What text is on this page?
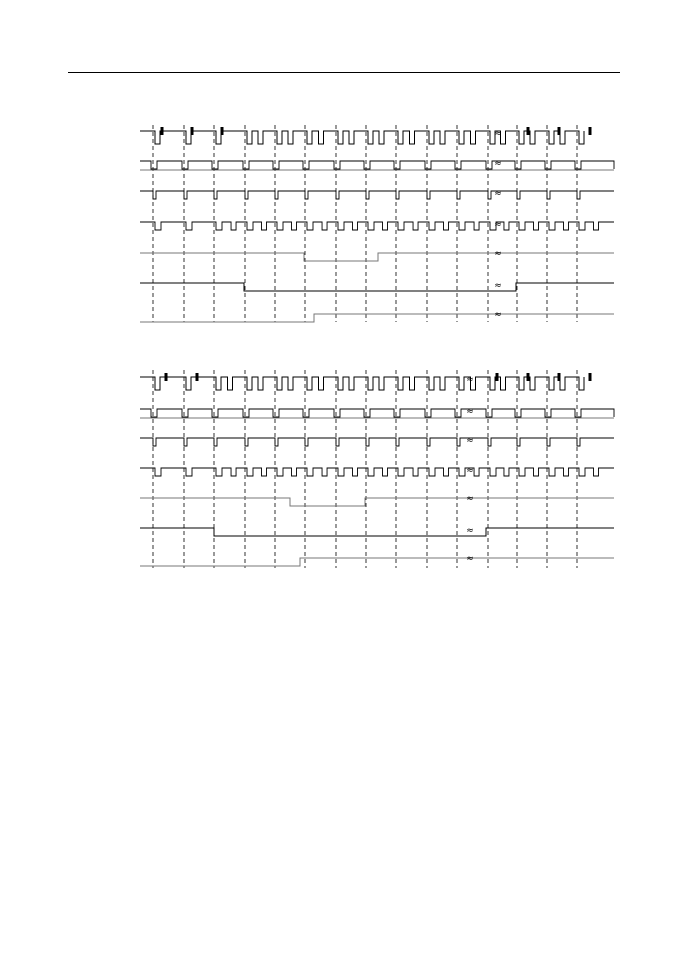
≈
≈
≈
≈
≈
≈
≈
≈
≈
≈
≈
≈
≈
≈
